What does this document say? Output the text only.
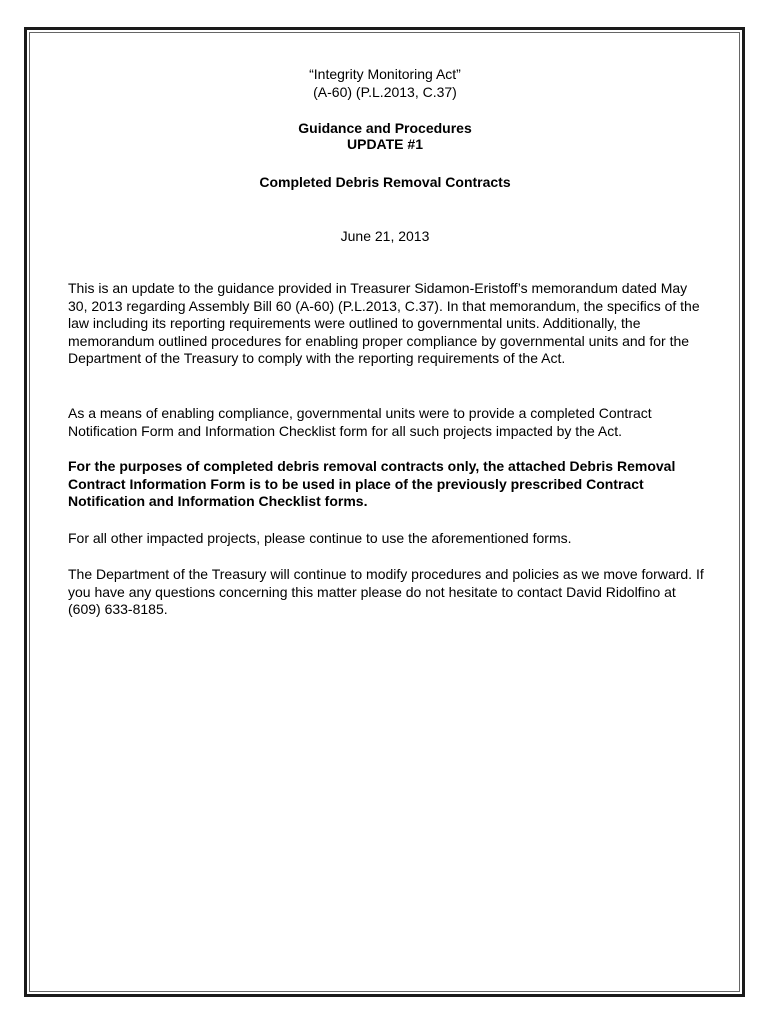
“Integrity Monitoring Act”

(A-60) (P.L.2013, C.37)

Guidance and Procedures

UPDATE #1

Completed Debris Removal Contracts

June 21, 2013

This is an update to the guidance provided in Treasurer Sidamon-Eristoff’s memorandum dated May 30, 2013 regarding Assembly Bill 60 (A-60) (P.L.2013, C.37). In that memorandum, the specifics of the law including its reporting requirements were outlined to governmental units. Additionally, the memorandum outlined procedures for enabling proper compliance by governmental units and for the Department of the Treasury to comply with the reporting requirements of the Act.

As a means of enabling compliance, governmental units were to provide a completed Contract Notification Form and Information Checklist form for all such projects impacted by the Act.

For the purposes of completed debris removal contracts only, the attached Debris Removal Contract Information Form is to be used in place of the previously prescribed Contract Notification and Information Checklist forms.

For all other impacted projects, please continue to use the aforementioned forms.

The Department of the Treasury will continue to modify procedures and policies as we move forward. If you have any questions concerning this matter please do not hesitate to contact David Ridolfino at (609) 633-8185.
